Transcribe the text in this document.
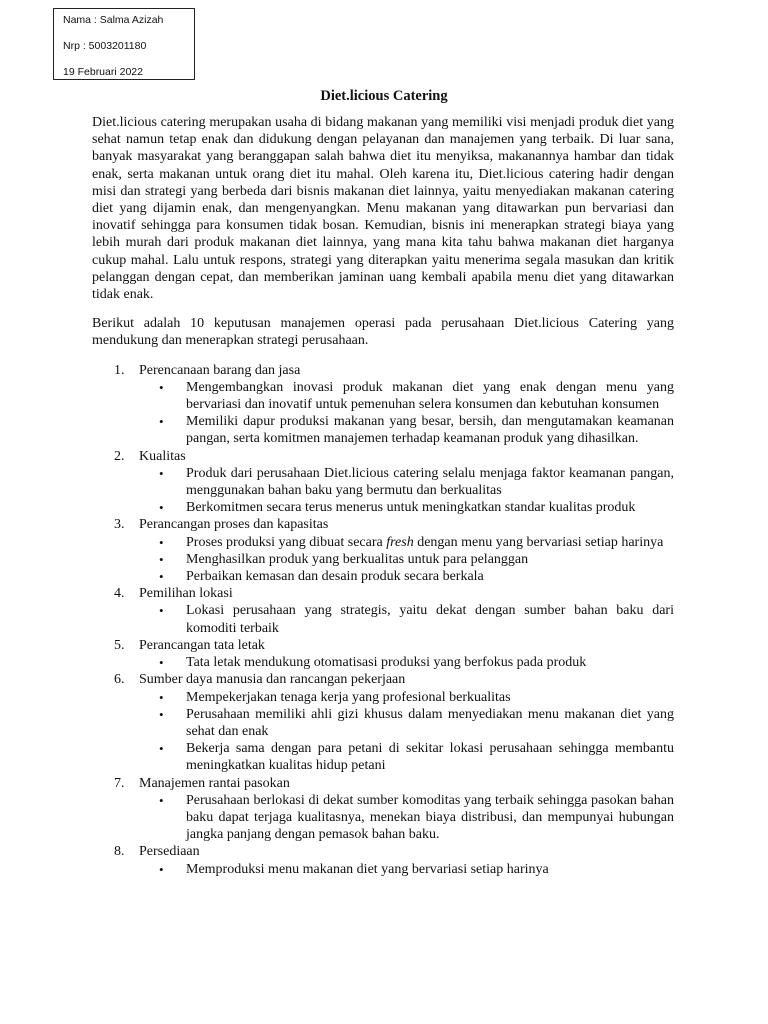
Nama : Salma Azizah
Nrp : 5003201180
19 Februari 2022
Diet.licious Catering

Diet.licious catering merupakan usaha di bidang makanan yang memiliki visi menjadi produk diet yang sehat namun tetap enak dan didukung dengan pelayanan dan manajemen yang terbaik. Di luar sana, banyak masyarakat yang beranggapan salah bahwa diet itu menyiksa, makanannya hambar dan tidak enak, serta makanan untuk orang diet itu mahal. Oleh karena itu, Diet.licious catering hadir dengan misi dan strategi yang berbeda dari bisnis makanan diet lainnya, yaitu menyediakan makanan catering diet yang dijamin enak, dan mengenyangkan. Menu makanan yang ditawarkan pun bervariasi dan inovatif sehingga para konsumen tidak bosan. Kemudian, bisnis ini menerapkan strategi biaya yang lebih murah dari produk makanan diet lainnya, yang mana kita tahu bahwa makanan diet harganya cukup mahal. Lalu untuk respons, strategi yang diterapkan yaitu menerima segala masukan dan kritik pelanggan dengan cepat, dan memberikan jaminan uang kembali apabila menu diet yang ditawarkan tidak enak.

Berikut adalah 10 keputusan manajemen operasi pada perusahaan Diet.licious Catering yang mendukung dan menerapkan strategi perusahaan.

1. Perencanaan barang dan jasa
• Mengembangkan inovasi produk makanan diet yang enak dengan menu yang bervariasi dan inovatif untuk pemenuhan selera konsumen dan kebutuhan konsumen
• Memiliki dapur produksi makanan yang besar, bersih, dan mengutamakan keamanan pangan, serta komitmen manajemen terhadap keamanan produk yang dihasilkan.
2. Kualitas
• Produk dari perusahaan Diet.licious catering selalu menjaga faktor keamanan pangan, menggunakan bahan baku yang bermutu dan berkualitas
• Berkomitmen secara terus menerus untuk meningkatkan standar kualitas produk
3. Perancangan proses dan kapasitas
• Proses produksi yang dibuat secara fresh dengan menu yang bervariasi setiap harinya
• Menghasilkan produk yang berkualitas untuk para pelanggan
• Perbaikan kemasan dan desain produk secara berkala
4. Pemilihan lokasi
• Lokasi perusahaan yang strategis, yaitu dekat dengan sumber bahan baku dari komoditi terbaik
5. Perancangan tata letak
• Tata letak mendukung otomatisasi produksi yang berfokus pada produk
6. Sumber daya manusia dan rancangan pekerjaan
• Mempekerjakan tenaga kerja yang profesional berkualitas
• Perusahaan memiliki ahli gizi khusus dalam menyediakan menu makanan diet yang sehat dan enak
• Bekerja sama dengan para petani di sekitar lokasi perusahaan sehingga membantu meningkatkan kualitas hidup petani
7. Manajemen rantai pasokan
• Perusahaan berlokasi di dekat sumber komoditas yang terbaik sehingga pasokan bahan baku dapat terjaga kualitasnya, menekan biaya distribusi, dan mempunyai hubungan jangka panjang dengan pemasok bahan baku.
8. Persediaan
• Memproduksi menu makanan diet yang bervariasi setiap harinya
